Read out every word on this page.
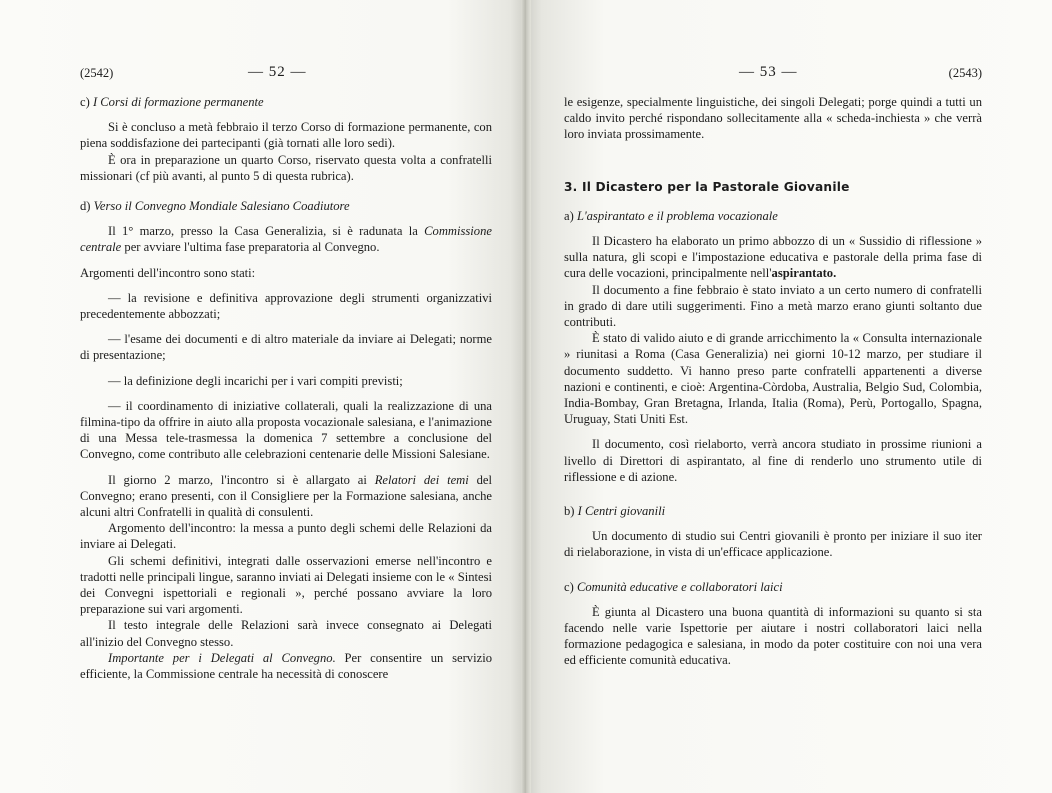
(2542)	— 52 —
c) I Corsi di formazione permanente

Si è concluso a metà febbraio il terzo Corso di formazione permanente, con piena soddisfazione dei partecipanti (già tornati alle loro sedi).

È ora in preparazione un quarto Corso, riservato questa volta a confratelli missionari (cf più avanti, al punto 5 di questa rubrica).

d) Verso il Convegno Mondiale Salesiano Coadiutore

Il 1° marzo, presso la Casa Generalizia, si è radunata la Commissione centrale per avviare l'ultima fase preparatoria al Convegno.

Argomenti dell'incontro sono stati:

— la revisione e definitiva approvazione degli strumenti organizzativi precedentemente abbozzati;

— l'esame dei documenti e di altro materiale da inviare ai Delegati; norme di presentazione;

— la definizione degli incarichi per i vari compiti previsti;

— il coordinamento di iniziative collaterali, quali la realizzazione di una filmina-tipo da offrire in aiuto alla proposta vocazionale salesiana, e l'animazione di una Messa tele-trasmessa la domenica 7 settembre a conclusione del Convegno, come contributo alle celebrazioni centenarie delle Missioni Salesiane.

Il giorno 2 marzo, l'incontro si è allargato ai Relatori dei temi del Convegno; erano presenti, con il Consigliere per la Formazione salesiana, anche alcuni altri Confratelli in qualità di consulenti.

Argomento dell'incontro: la messa a punto degli schemi delle Relazioni da inviare ai Delegati.

Gli schemi definitivi, integrati dalle osservazioni emerse nell'incontro e tradotti nelle principali lingue, saranno inviati ai Delegati insieme con le « Sintesi dei Convegni ispettoriali e regionali », perché possano avviare la loro preparazione sui vari argomenti.

Il testo integrale delle Relazioni sarà invece consegnato ai Delegati all'inizio del Convegno stesso.

Importante per i Delegati al Convegno. Per consentire un servizio efficiente, la Commissione centrale ha necessità di conoscere

— 53 —	(2543)

le esigenze, specialmente linguistiche, dei singoli Delegati; porge quindi a tutti un caldo invito perché rispondano sollecitamente alla « scheda-inchiesta » che verrà loro inviata prossimamente.

3. Il Dicastero per la Pastorale Giovanile
a) L'aspirantato e il problema vocazionale

Il Dicastero ha elaborato un primo abbozzo di un « Sussidio di riflessione » sulla natura, gli scopi e l'impostazione educativa e pastorale della prima fase di cura delle vocazioni, principalmente nell'aspirantato.

Il documento a fine febbraio è stato inviato a un certo numero di confratelli in grado di dare utili suggerimenti. Fino a metà marzo erano giunti soltanto due contributi.

È stato di valido aiuto e di grande arricchimento la « Consulta internazionale » riunitasi a Roma (Casa Generalizia) nei giorni 10-12 marzo, per studiare il documento suddetto. Vi hanno preso parte confratelli appartenenti a diverse nazioni e continenti, e cioè: Argentina-Còrdoba, Australia, Belgio Sud, Colombia, India-Bombay, Gran Bretagna, Irlanda, Italia (Roma), Perù, Portogallo, Spagna, Uruguay, Stati Uniti Est.

Il documento, così rielaborto, verrà ancora studiato in prossime riunioni a livello di Direttori di aspirantato, al fine di renderlo uno strumento utile di riflessione e di azione.

b) I Centri giovanili

Un documento di studio sui Centri giovanili è pronto per iniziare il suo iter di rielaborazione, in vista di un'efficace applicazione.

c) Comunità educative e collaboratori laici

È giunta al Dicastero una buona quantità di informazioni su quanto si sta facendo nelle varie Ispettorie per aiutare i nostri collaboratori laici nella formazione pedagogica e salesiana, in modo da poter costituire con noi una vera ed efficiente comunità educativa.
